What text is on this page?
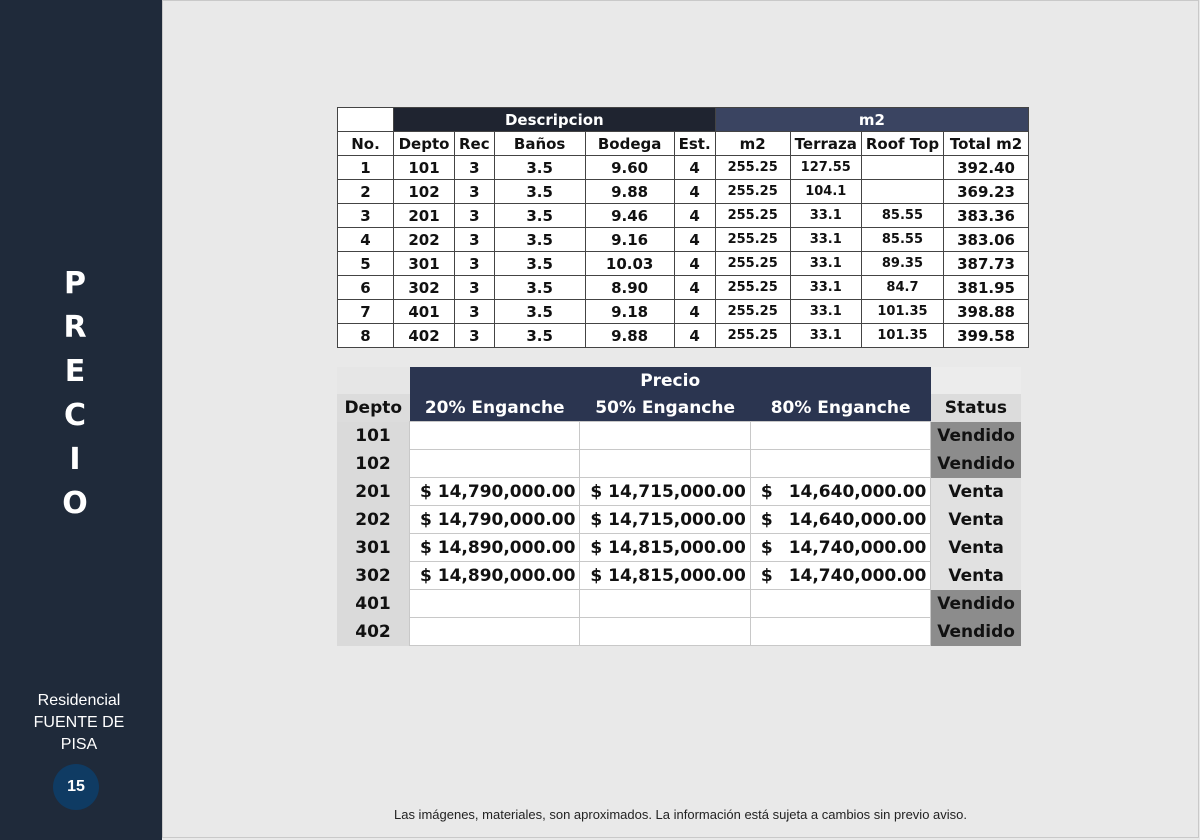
P
R
E
C
I
O
Residencial
FUENTE DE
PISA
15
	Descripcion					m2			
No.	Depto	Rec	Baños	Bodega	Est.	m2	Terraza	Roof Top	Total m2
1	101	3	3.5	9.60	4	255.25	127.55		392.40
2	102	3	3.5	9.88	4	255.25	104.1		369.23
3	201	3	3.5	9.46	4	255.25	33.1	85.55	383.36
4	202	3	3.5	9.16	4	255.25	33.1	85.55	383.06
5	301	3	3.5	10.03	4	255.25	33.1	89.35	387.73
6	302	3	3.5	8.90	4	255.25	33.1	84.7	381.95
7	401	3	3.5	9.18	4	255.25	33.1	101.35	398.88
8	402	3	3.5	9.88	4	255.25	33.1	101.35	399.58
	Precio			
Depto	20% Enganche	50% Enganche	80% Enganche	Status
101				Vendido
102				Vendido
201	$ 14,790,000.00	$ 14,715,000.00	$ 14,640,000.00	Venta
202	$ 14,790,000.00	$ 14,715,000.00	$ 14,640,000.00	Venta
301	$ 14,890,000.00	$ 14,815,000.00	$ 14,740,000.00	Venta
302	$ 14,890,000.00	$ 14,815,000.00	$ 14,740,000.00	Venta
401				Vendido
402				Vendido
Las imágenes, materiales, son aproximados. La información está sujeta a cambios sin previo aviso.
